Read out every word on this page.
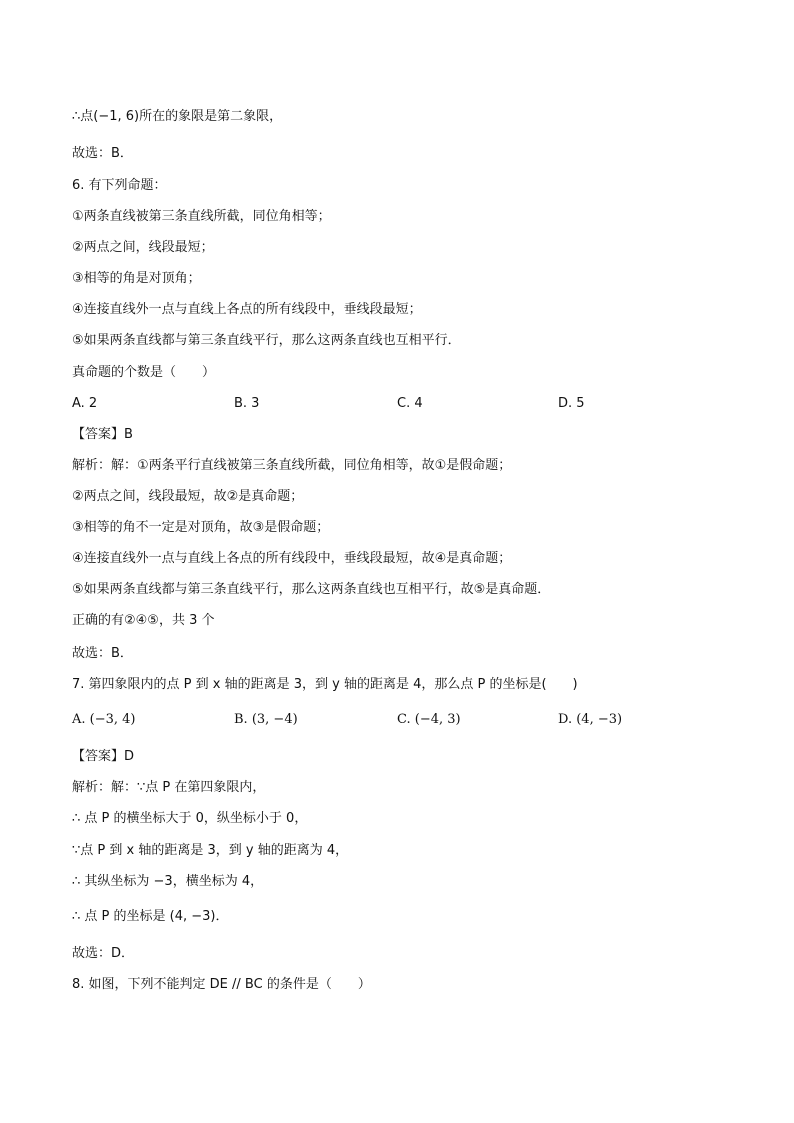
∴点(−1, 6)所在的象限是第二象限，
故选：B．
6. 有下列命题：
①两条直线被第三条直线所截，同位角相等；
②两点之间，线段最短；
③相等的角是对顶角；
④连接直线外一点与直线上各点的所有线段中，垂线段最短；
⑤如果两条直线都与第三条直线平行，那么这两条直线也互相平行．
真命题的个数是（　　）
A. 2	B. 3	C. 4	D. 5
【答案】B
解析：解：①两条平行直线被第三条直线所截，同位角相等，故①是假命题；
②两点之间，线段最短，故②是真命题；
③相等的角不一定是对顶角，故③是假命题；
④连接直线外一点与直线上各点的所有线段中，垂线段最短，故④是真命题；
⑤如果两条直线都与第三条直线平行，那么这两条直线也互相平行，故⑤是真命题．
正确的有②④⑤，共 3 个
故选：B．
7. 第四象限内的点 P 到 x 轴的距离是 3，到 y 轴的距离是 4，那么点 P 的坐标是(　　)
A. (−3, 4)	B. (3, −4)	C. (−4, 3)	D. (4, −3)
【答案】D
解析：解：∵点 P 在第四象限内，
∴ 点 P 的横坐标大于 0，纵坐标小于 0，
∵点 P 到 x 轴的距离是 3，到 y 轴的距离为 4，
∴ 其纵坐标为 −3，横坐标为 4，
∴ 点 P 的坐标是 (4, −3)．
故选：D．
8. 如图，下列不能判定 DE // BC 的条件是（　　）
